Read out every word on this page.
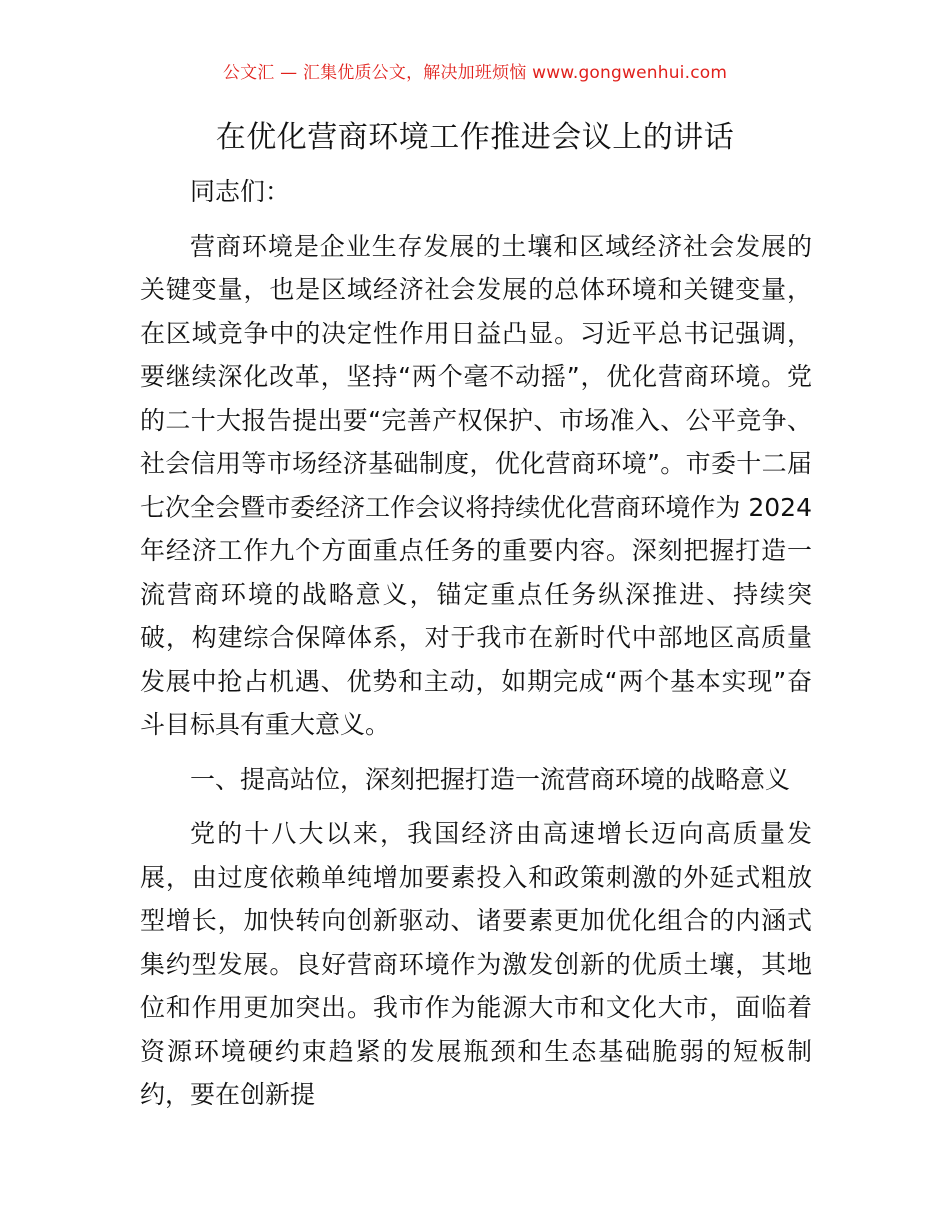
公文汇 — 汇集优质公文，解决加班烦恼 www.gongwenhui.com
在优化营商环境工作推进会议上的讲话

同志们：

营商环境是企业生存发展的土壤和区域经济社会发展的关键变量，也是区域经济社会发展的总体环境和关键变量，在区域竞争中的决定性作用日益凸显。习近平总书记强调，要继续深化改革，坚持“两个毫不动摇”，优化营商环境。党的二十大报告提出要“完善产权保护、市场准入、公平竞争、社会信用等市场经济基础制度，优化营商环境”。市委十二届七次全会暨市委经济工作会议将持续优化营商环境作为 2024 年经济工作九个方面重点任务的重要内容。深刻把握打造一流营商环境的战略意义，锚定重点任务纵深推进、持续突破，构建综合保障体系，对于我市在新时代中部地区高质量发展中抢占机遇、优势和主动，如期完成“两个基本实现”奋斗目标具有重大意义。

一、提高站位，深刻把握打造一流营商环境的战略意义

党的十八大以来，我国经济由高速增长迈向高质量发展，由过度依赖单纯增加要素投入和政策刺激的外延式粗放型增长，加快转向创新驱动、诸要素更加优化组合的内涵式集约型发展。良好营商环境作为激发创新的优质土壤，其地位和作用更加突出。我市作为能源大市和文化大市，面临着资源环境硬约束趋紧的发展瓶颈和生态基础脆弱的短板制约，要在创新提
